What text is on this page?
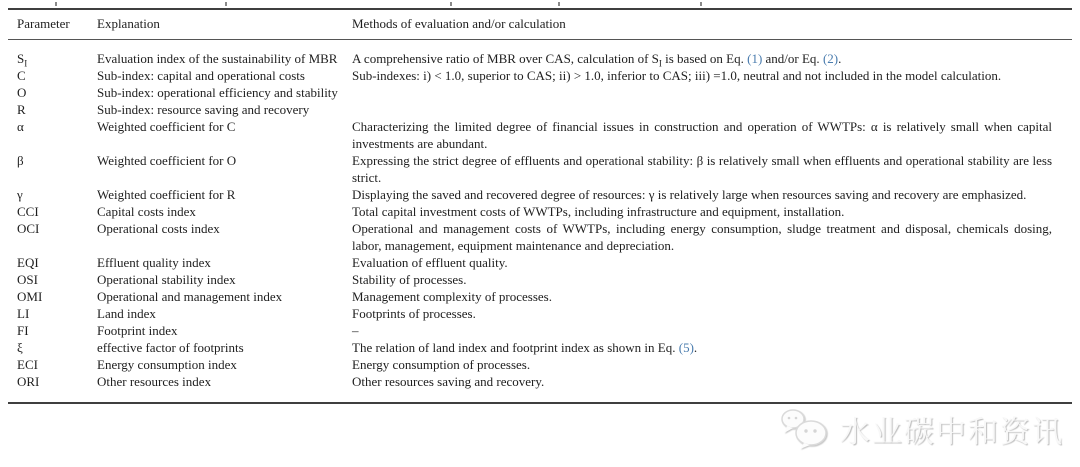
Parameter	Explanation	Methods of evaluation and/or calculation
$S_I$	Evaluation index of the sustainability of MBR	A comprehensive ratio of MBR over CAS, calculation of $S_I$ is based on Eq. (1) and/or Eq. (2).
C	Sub-index: capital and operational costs	Sub-indexes: i) < 1.0, superior to CAS; ii) > 1.0, inferior to CAS; iii) =1.0, neutral and not included in the model calculation.
O	Sub-index: operational efficiency and stability	
R	Sub-index: resource saving and recovery	
α	Weighted coefficient for C	Characterizing the limited degree of financial issues in construction and operation of WWTPs: α is relatively small when capital investments are abundant.
β	Weighted coefficient for O	Expressing the strict degree of effluents and operational stability: β is relatively small when effluents and operational stability are less strict.
γ	Weighted coefficient for R	Displaying the saved and recovered degree of resources: γ is relatively large when resources saving and recovery are emphasized.
CCI	Capital costs index	Total capital investment costs of WWTPs, including infrastructure and equipment, installation.
OCI	Operational costs index	Operational and management costs of WWTPs, including energy consumption, sludge treatment and disposal, chemicals dosing, labor, management, equipment maintenance and depreciation.
EQI	Effluent quality index	Evaluation of effluent quality.
OSI	Operational stability index	Stability of processes.
OMI	Operational and management index	Management complexity of processes.
LI	Land index	Footprints of processes.
FI	Footprint index	–
ξ	effective factor of footprints	The relation of land index and footprint index as shown in Eq. (5).
ECI	Energy consumption index	Energy consumption of processes.
ORI	Other resources index	Other resources saving and recovery.
水业碳中和资讯
